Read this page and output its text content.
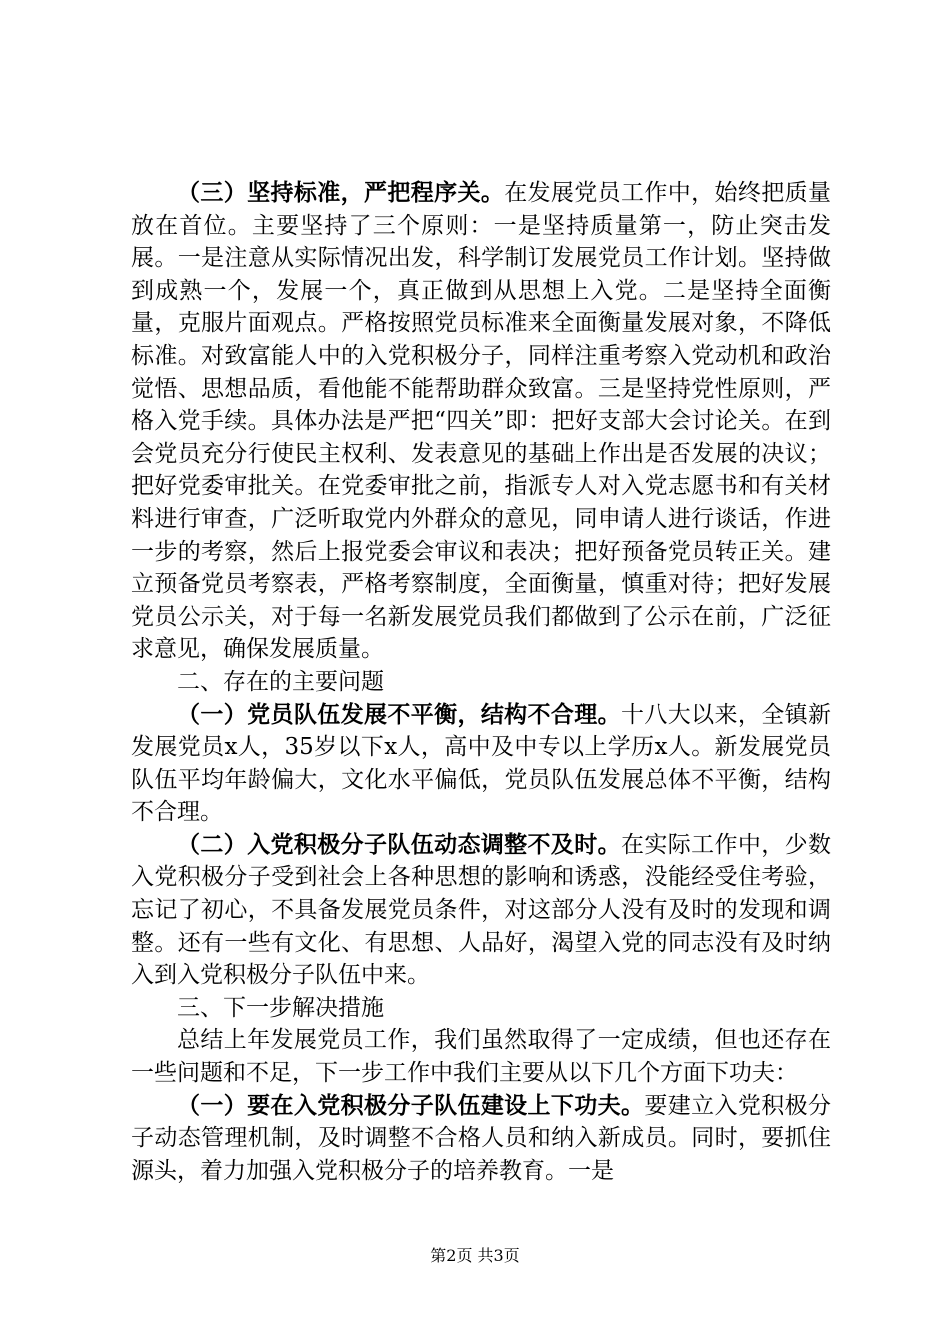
（三）坚持标准，严把程序关。在发展党员工作中，始终把质量放在首位。主要坚持了三个原则：一是坚持质量第一，防止突击发展。一是注意从实际情况出发，科学制订发展党员工作计划。坚持做到成熟一个，发展一个，真正做到从思想上入党。二是坚持全面衡量，克服片面观点。严格按照党员标准来全面衡量发展对象，不降低标准。对致富能人中的入党积极分子，同样注重考察入党动机和政治觉悟、思想品质，看他能不能帮助群众致富。三是坚持党性原则，严格入党手续。具体办法是严把“四关”即：把好支部大会讨论关。在到会党员充分行使民主权利、发表意见的基础上作出是否发展的决议；把好党委审批关。在党委审批之前，指派专人对入党志愿书和有关材料进行审查，广泛听取党内外群众的意见，同申请人进行谈话，作进一步的考察，然后上报党委会审议和表决；把好预备党员转正关。建立预备党员考察表，严格考察制度，全面衡量，慎重对待；把好发展党员公示关，对于每一名新发展党员我们都做到了公示在前，广泛征求意见，确保发展质量。

二、存在的主要问题

（一）党员队伍发展不平衡，结构不合理。十八大以来，全镇新发展党员x人，35岁以下x人，高中及中专以上学历x人。新发展党员队伍平均年龄偏大，文化水平偏低，党员队伍发展总体不平衡，结构不合理。

（二）入党积极分子队伍动态调整不及时。在实际工作中，少数入党积极分子受到社会上各种思想的影响和诱惑，没能经受住考验，忘记了初心，不具备发展党员条件，对这部分人没有及时的发现和调整。还有一些有文化、有思想、人品好，渴望入党的同志没有及时纳入到入党积极分子队伍中来。

三、下一步解决措施

总结上年发展党员工作，我们虽然取得了一定成绩，但也还存在一些问题和不足，下一步工作中我们主要从以下几个方面下功夫：

（一）要在入党积极分子队伍建设上下功夫。要建立入党积极分子动态管理机制，及时调整不合格人员和纳入新成员。同时，要抓住源头，着力加强入党积极分子的培养教育。一是

第2页 共3页
